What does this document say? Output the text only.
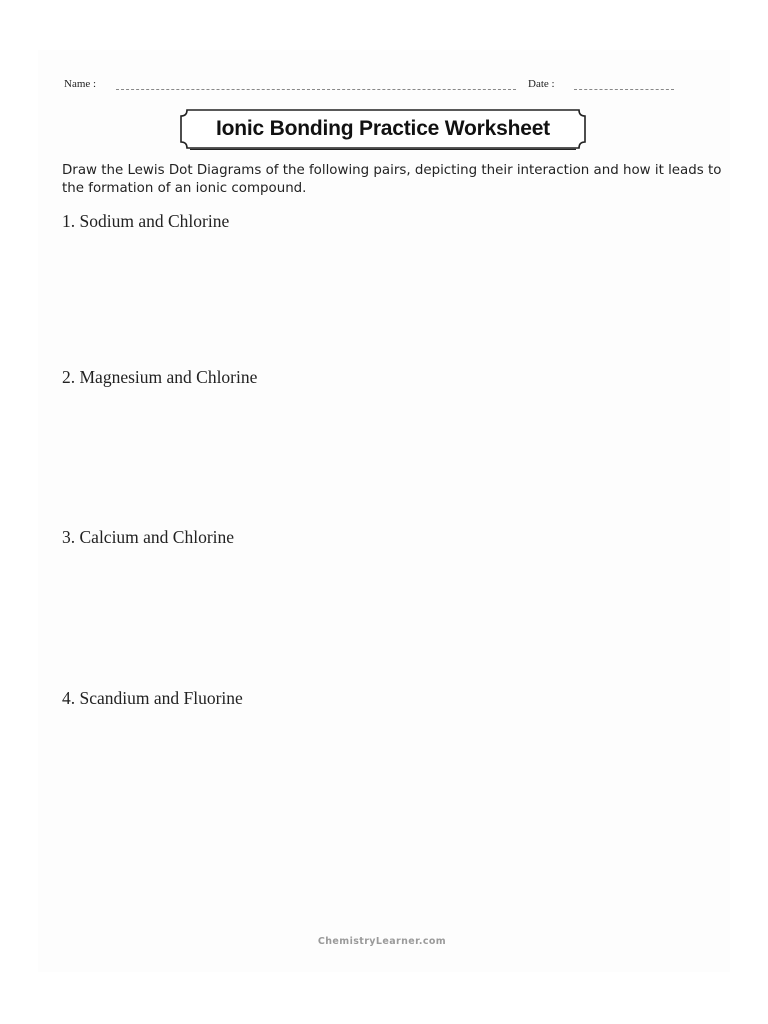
Name :	Date :
Ionic Bonding Practice Worksheet
Draw the Lewis Dot Diagrams of the following pairs, depicting their interaction and how it leads to the formation of an ionic compound.
1. Sodium and Chlorine
2. Magnesium and Chlorine
3. Calcium and Chlorine
4. Scandium and Fluorine
ChemistryLearner.com
